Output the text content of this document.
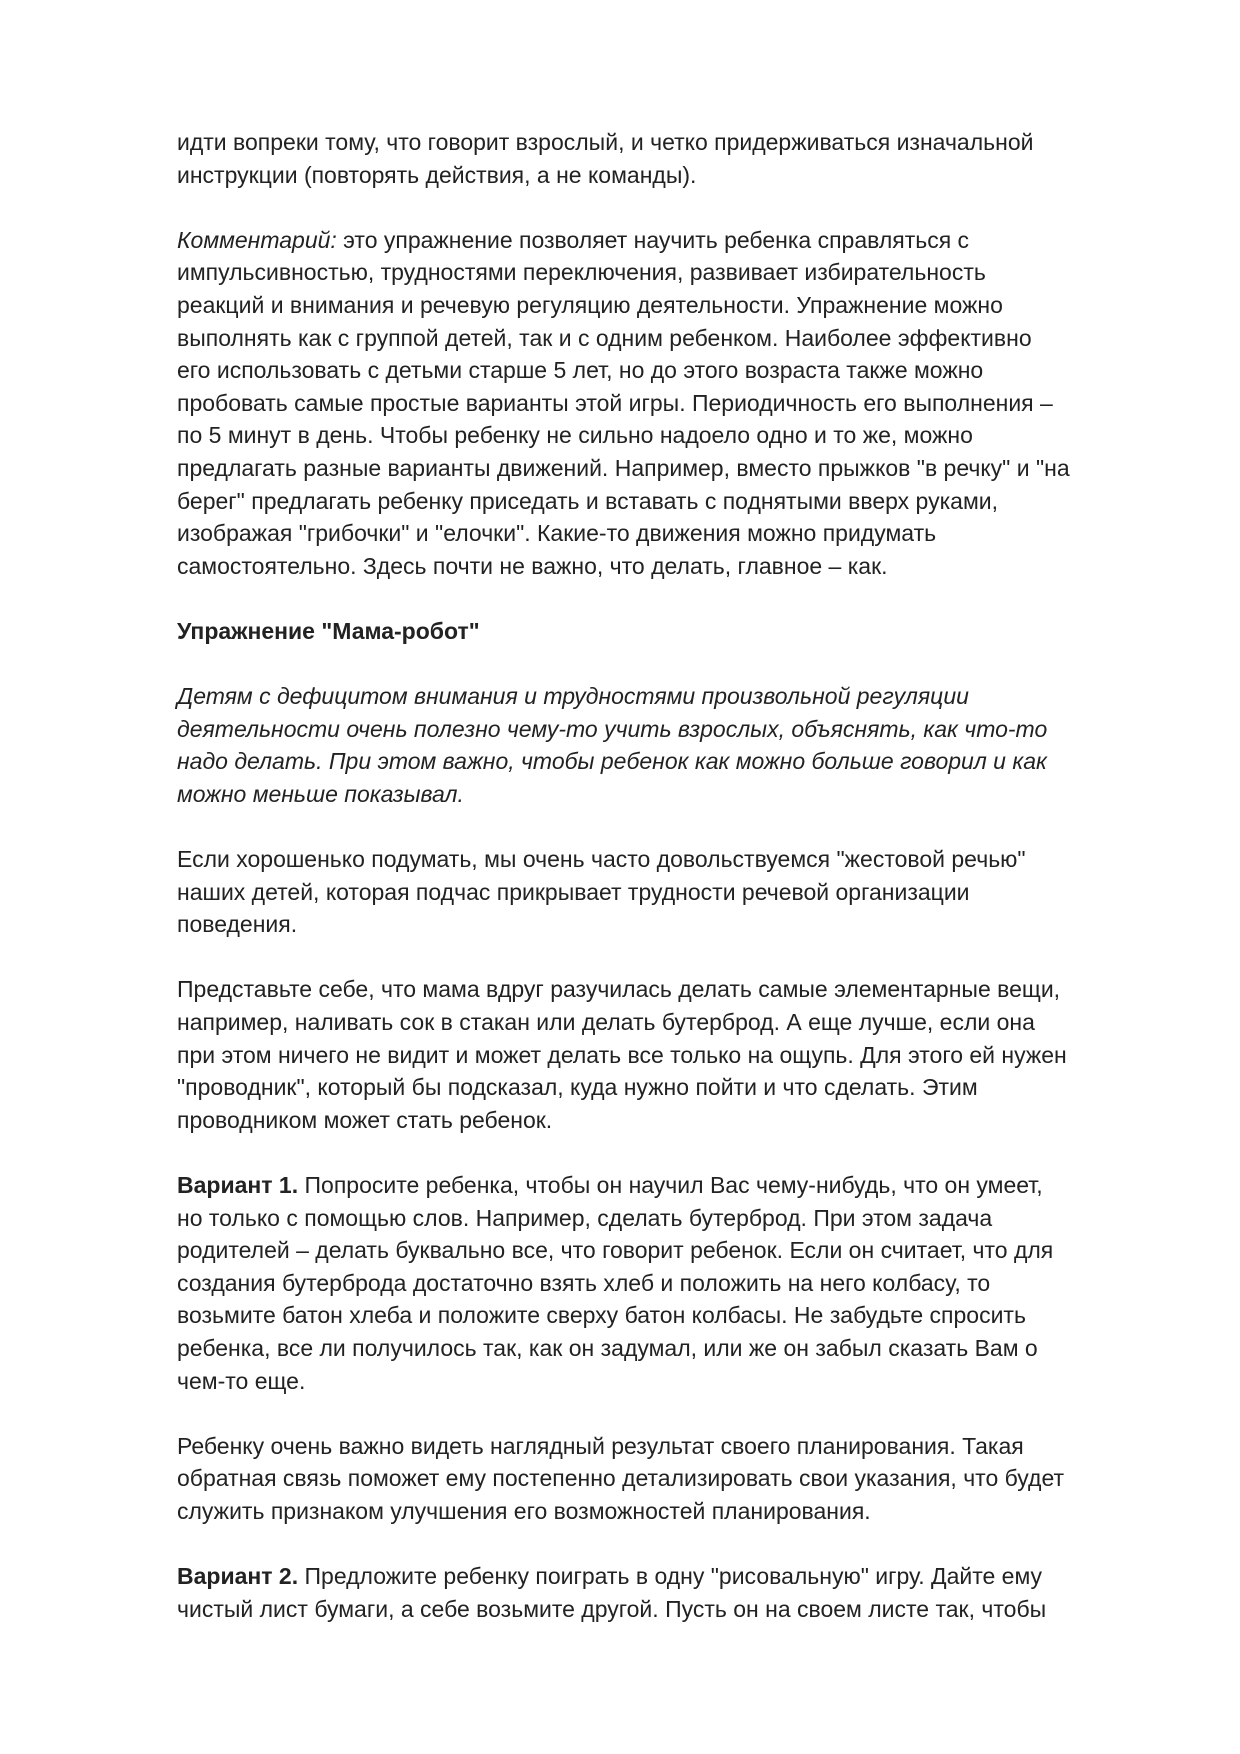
идти вопреки тому, что говорит взрослый, и четко придерживаться изначальной
инструкции (повторять действия, а не команды).

Комментарий: это упражнение позволяет научить ребенка справляться с
импульсивностью, трудностями переключения, развивает избирательность
реакций и внимания и речевую регуляцию деятельности. Упражнение можно
выполнять как с группой детей, так и с одним ребенком. Наиболее эффективно
его использовать с детьми старше 5 лет, но до этого возраста также можно
пробовать самые простые варианты этой игры. Периодичность его выполнения –
по 5 минут в день. Чтобы ребенку не сильно надоело одно и то же, можно
предлагать разные варианты движений. Например, вместо прыжков "в речку" и "на
берег" предлагать ребенку приседать и вставать с поднятыми вверх руками,
изображая "грибочки" и "елочки". Какие-то движения можно придумать
самостоятельно. Здесь почти не важно, что делать, главное – как.

Упражнение "Мама-робот"

Детям с дефицитом внимания и трудностями произвольной регуляции
деятельности очень полезно чему-то учить взрослых, объяснять, как что-то
надо делать. При этом важно, чтобы ребенок как можно больше говорил и как
можно меньше показывал.

Если хорошенько подумать, мы очень часто довольствуемся "жестовой речью"
наших детей, которая подчас прикрывает трудности речевой организации
поведения.

Представьте себе, что мама вдруг разучилась делать самые элементарные вещи,
например, наливать сок в стакан или делать бутерброд. А еще лучше, если она
при этом ничего не видит и может делать все только на ощупь. Для этого ей нужен
"проводник", который бы подсказал, куда нужно пойти и что сделать. Этим
проводником может стать ребенок.

Вариант 1. Попросите ребенка, чтобы он научил Вас чему-нибудь, что он умеет,
но только с помощью слов. Например, сделать бутерброд. При этом задача
родителей – делать буквально все, что говорит ребенок. Если он считает, что для
создания бутерброда достаточно взять хлеб и положить на него колбасу, то
возьмите батон хлеба и положите сверху батон колбасы. Не забудьте спросить
ребенка, все ли получилось так, как он задумал, или же он забыл сказать Вам о
чем-то еще.

Ребенку очень важно видеть наглядный результат своего планирования. Такая
обратная связь поможет ему постепенно детализировать свои указания, что будет
служить признаком улучшения его возможностей планирования.

Вариант 2. Предложите ребенку поиграть в одну "рисовальную" игру. Дайте ему
чистый лист бумаги, а себе возьмите другой. Пусть он на своем листе так, чтобы
